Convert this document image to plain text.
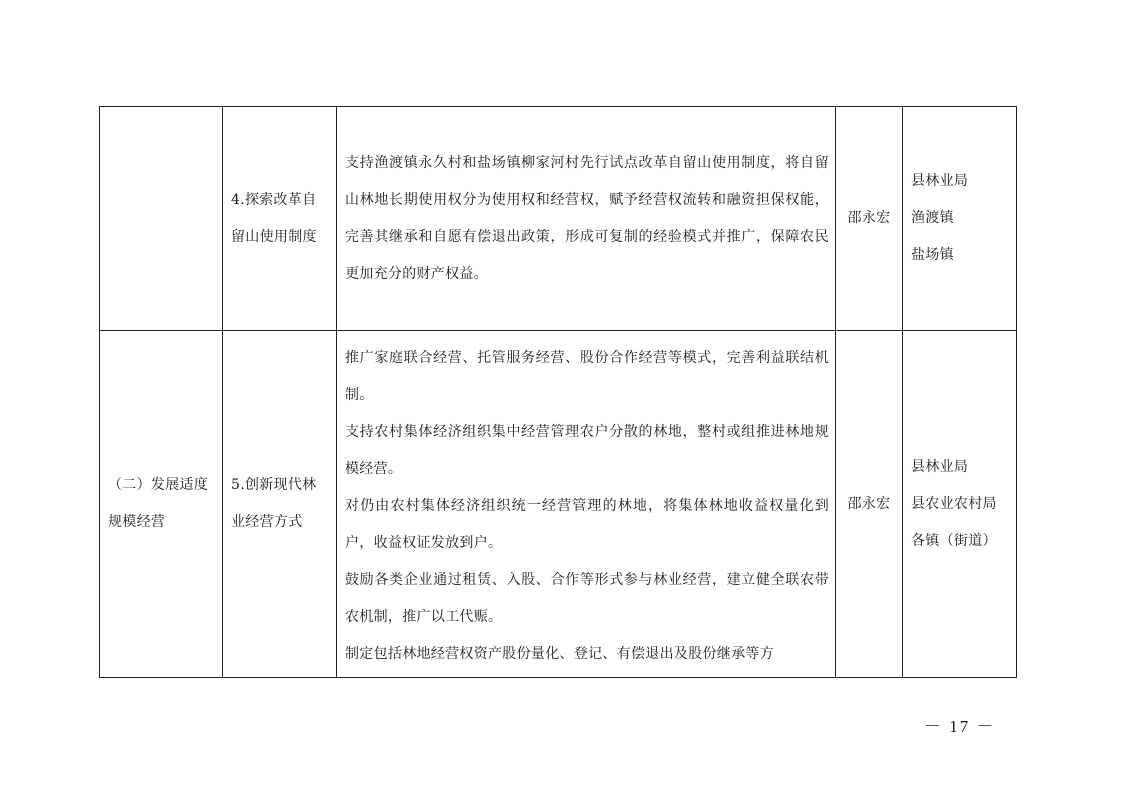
	4.探索改革自
留山使用制度	支持渔渡镇永久村和盐场镇柳家河村先行试点改革自留山使用制度，将自留山林地长期使用权分为使用权和经营权，赋予经营权流转和融资担保权能，完善其继承和自愿有偿退出政策，形成可复制的经验模式并推广，保障农民更加充分的财产权益。	邵永宏	县林业局
渔渡镇
盐场镇

（二）发展适度
规模经营	5.创新现代林
业经营方式	推广家庭联合经营、托管服务经营、股份合作经营等模式，完善利益联结机制。
支持农村集体经济组织集中经营管理农户分散的林地，整村或组推进林地规模经营。
对仍由农村集体经济组织统一经营管理的林地，将集体林地收益权量化到户，收益权证发放到户。
鼓励各类企业通过租赁、入股、合作等形式参与林业经营，建立健全联农带农机制，推广以工代赈。
制定包括林地经营权资产股份量化、登记、有偿退出及股份继承等方	邵永宏	县林业局
县农业农村局
各镇（街道）
－ 17 －
